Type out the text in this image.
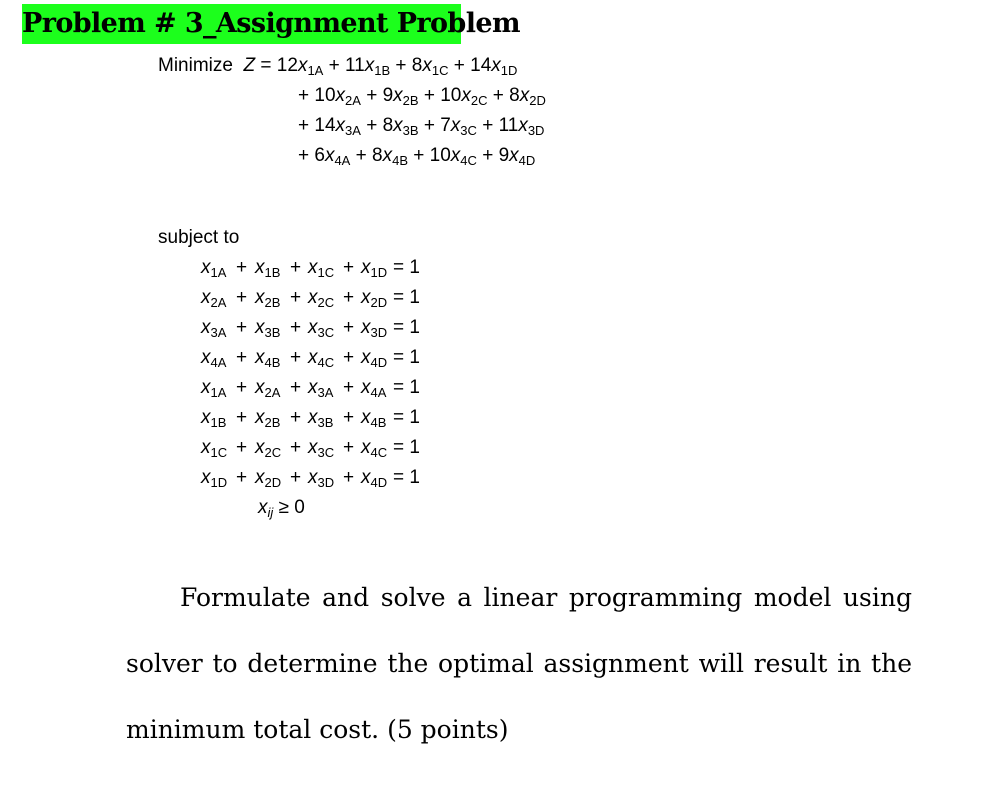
Problem # 3_Assignment Problem
Minimize $Z = 12x_{1A} + 11x_{1B} + 8x_{1C} + 14x_{1D}$
+ $10x_{2A} + 9x_{2B} + 10x_{2C} + 8x_{2D}$
+ $14x_{3A} + 8x_{3B} + 7x_{3C} + 11x_{3D}$
+ $6x_{4A} + 8x_{4B} + 10x_{4C} + 9x_{4D}$
subject to
$x_{1A} + x_{1B} + x_{1C} + x_{1D} = 1$
$x_{2A} + x_{2B} + x_{2C} + x_{2D} = 1$
$x_{3A} + x_{3B} + x_{3C} + x_{3D} = 1$
$x_{4A} + x_{4B} + x_{4C} + x_{4D} = 1$
$x_{1A} + x_{2A} + x_{3A} + x_{4A} = 1$
$x_{1B} + x_{2B} + x_{3B} + x_{4B} = 1$
$x_{1C} + x_{2C} + x_{3C} + x_{4C} = 1$
$x_{1D} + x_{2D} + x_{3D} + x_{4D} = 1$
$x_{ij} \ge 0$
Formulate and solve a linear programming model using
solver to determine the optimal assignment will result in the
minimum total cost. (5 points)
